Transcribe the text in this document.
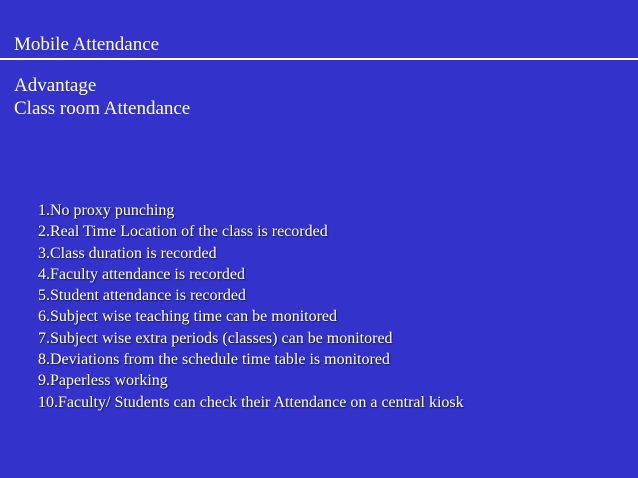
Mobile Attendance
Advantage
Class room Attendance
1.No proxy punching
2.Real Time Location of the class is recorded
3.Class duration is recorded
4.Faculty attendance is recorded
5.Student attendance is recorded
6.Subject wise teaching time can be monitored
7.Subject wise extra periods (classes) can be monitored
8.Deviations from the schedule time table is monitored
9.Paperless working
10.Faculty/ Students can check their Attendance on a central kiosk
